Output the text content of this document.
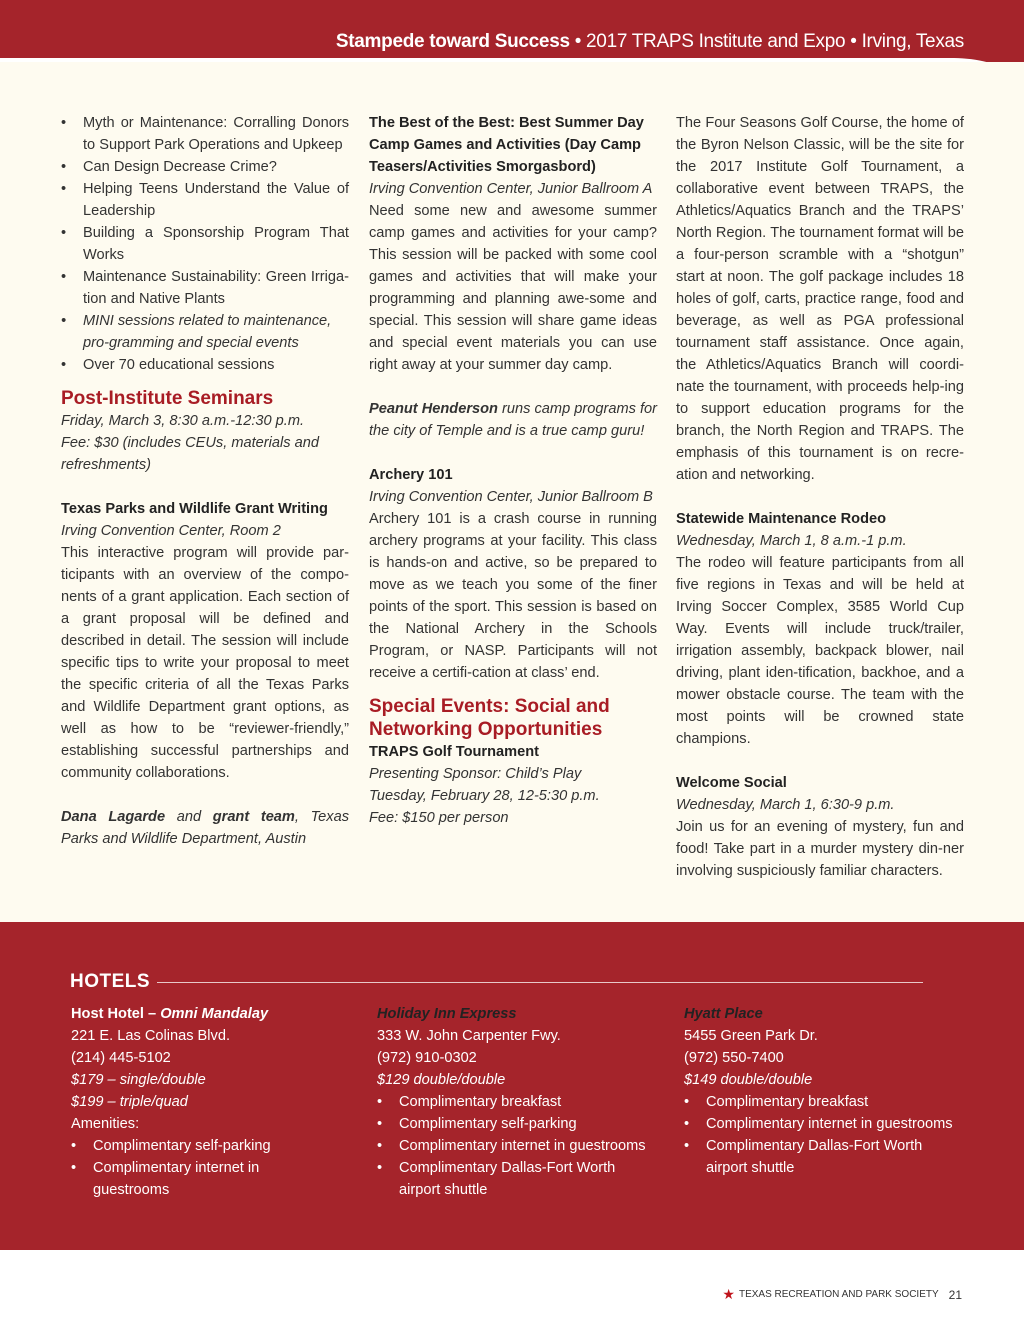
Stampede toward Success • 2017 TRAPS Institute and Expo • Irving, Texas
• Myth or Maintenance: Corralling Donors to Support Park Operations and Upkeep
• Can Design Decrease Crime?
• Helping Teens Understand the Value of Leadership
• Building a Sponsorship Program That Works
• Maintenance Sustainability: Green Irriga-tion and Native Plants
• MINI sessions related to maintenance, pro-gramming and special events
• Over 70 educational sessions

Post-Institute Seminars

Friday, March 3, 8:30 a.m.-12:30 p.m.

Fee: $30 (includes CEUs, materials and refreshments)

Texas Parks and Wildlife Grant Writing

Irving Convention Center, Room 2

This interactive program will provide par-ticipants with an overview of the compo-nents of a grant application. Each section of a grant proposal will be defined and described in detail. The session will include specific tips to write your proposal to meet the specific criteria of all the Texas Parks and Wildlife Department grant options, as well as how to be “reviewer-friendly,” establishing successful partnerships and community collaborations.

Dana Lagarde and grant team, Texas Parks and Wildlife Department, Austin

The Best of the Best: Best Summer Day Camp Games and Activities (Day Camp Teasers/Activities Smorgasbord)

Irving Convention Center, Junior Ballroom A

Need some new and awesome summer camp games and activities for your camp? This session will be packed with some cool games and activities that will make your programming and planning awe-some and special. This session will share game ideas and special event materials you can use right away at your summer day camp.

Peanut Henderson runs camp programs for the city of Temple and is a true camp guru!

Archery 101

Irving Convention Center, Junior Ballroom B

Archery 101 is a crash course in running archery programs at your facility. This class is hands-on and active, so be prepared to move as we teach you some of the finer points of the sport. This session is based on the National Archery in the Schools Program, or NASP. Participants will not receive a certifi-cation at class’ end.

Special Events: Social and Networking Opportunities

TRAPS Golf Tournament

Presenting Sponsor: Child’s Play

Tuesday, February 28, 12-5:30 p.m.

Fee: $150 per person

The Four Seasons Golf Course, the home of the Byron Nelson Classic, will be the site for the 2017 Institute Golf Tournament, a collaborative event between TRAPS, the Athletics/Aquatics Branch and the TRAPS’ North Region. The tournament format will be a four-person scramble with a “shotgun” start at noon. The golf package includes 18 holes of golf, carts, practice range, food and beverage, as well as PGA professional tournament staff assistance. Once again, the Athletics/Aquatics Branch will coordi-nate the tournament, with proceeds help-ing to support education programs for the branch, the North Region and TRAPS. The emphasis of this tournament is on recre-ation and networking.

Statewide Maintenance Rodeo

Wednesday, March 1, 8 a.m.-1 p.m.

The rodeo will feature participants from all five regions in Texas and will be held at Irving Soccer Complex, 3585 World Cup Way. Events will include truck/trailer, irrigation assembly, backpack blower, nail driving, plant iden-tification, backhoe, and a mower obstacle course. The team with the most points will be crowned state champions.

Welcome Social

Wednesday, March 1, 6:30-9 p.m.

Join us for an evening of mystery, fun and food! Take part in a murder mystery din-ner involving suspiciously familiar characters.

HOTELS

Host Hotel – Omni Mandalay

221 E. Las Colinas Blvd.

(214) 445-5102

$179 – single/double

$199 – triple/quad

Amenities:

• Complimentary self-parking
• Complimentary internet in guestrooms

Holiday Inn Express

333 W. John Carpenter Fwy.

(972) 910-0302

$129 double/double

• Complimentary breakfast
• Complimentary self-parking
• Complimentary internet in guestrooms
• Complimentary Dallas-Fort Worth airport shuttle

Hyatt Place

5455 Green Park Dr.

(972) 550-7400

$149 double/double

• Complimentary breakfast
• Complimentary internet in guestrooms
• Complimentary Dallas-Fort Worth airport shuttle
★ TEXAS RECREATION AND PARK SOCIETY 21
